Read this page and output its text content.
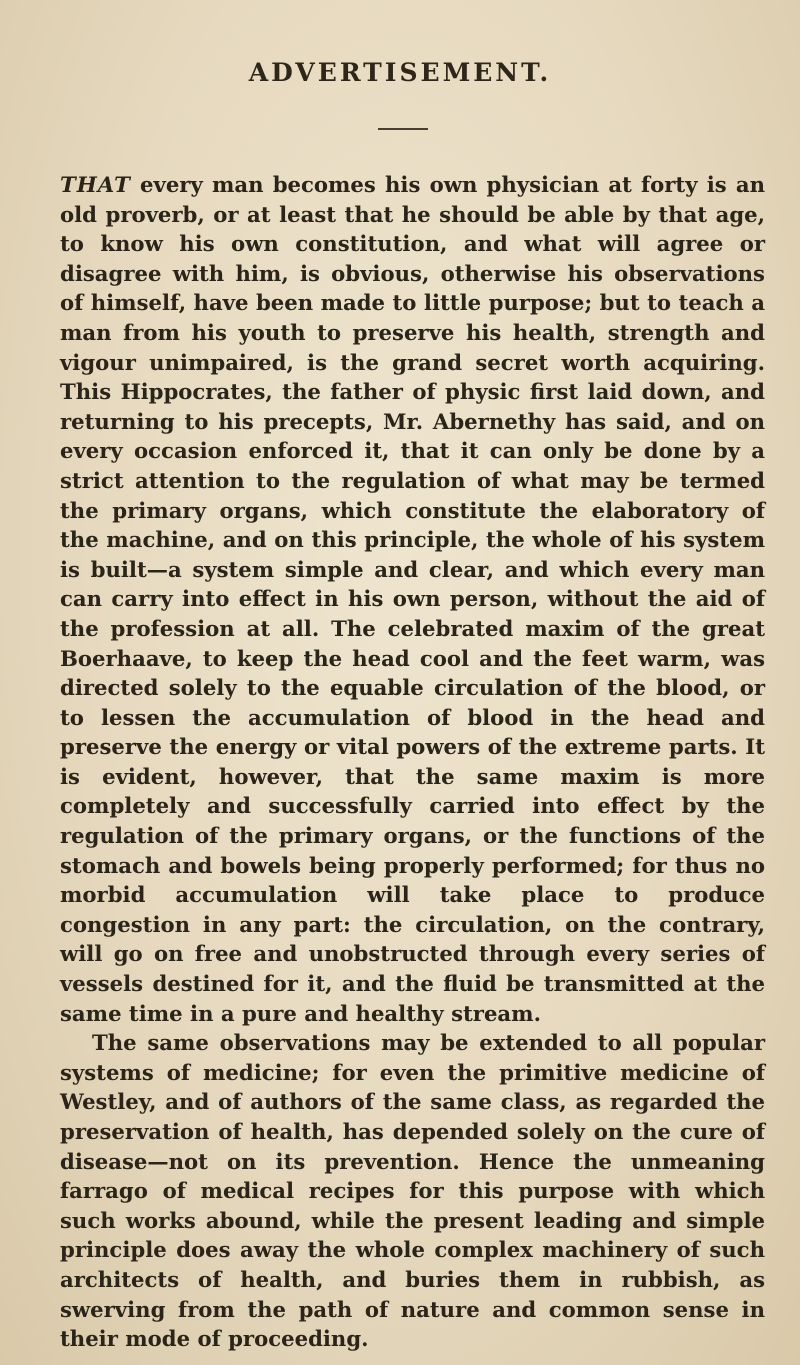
ADVERTISEMENT.

THAT every man becomes his own physician at forty is an old proverb, or at least that he should be able by that age, to know his own constitution, and what will agree or disagree with him, is obvious, otherwise his observations of himself, have been made to little purpose; but to teach a man from his youth to preserve his health, strength and vigour unimpaired, is the grand secret worth acquiring. This Hippocrates, the father of physic first laid down, and returning to his precepts, Mr. Abernethy has said, and on every occasion enforced it, that it can only be done by a strict attention to the regulation of what may be termed the primary organs, which constitute the elaboratory of the machine, and on this principle, the whole of his system is built—a system simple and clear, and which every man can carry into effect in his own person, without the aid of the profession at all. The celebrated maxim of the great Boerhaave, to keep the head cool and the feet warm, was directed solely to the equable circulation of the blood, or to lessen the accumulation of blood in the head and preserve the energy or vital powers of the extreme parts. It is evident, however, that the same maxim is more completely and successfully carried into effect by the regulation of the primary organs, or the functions of the stomach and bowels being properly performed; for thus no morbid accumulation will take place to produce congestion in any part: the circulation, on the contrary, will go on free and unobstructed through every series of vessels destined for it, and the fluid be transmitted at the same time in a pure and healthy stream.

The same observations may be extended to all popular systems of medicine; for even the primitive medicine of Westley, and of authors of the same class, as regarded the preservation of health, has depended solely on the cure of disease—not on its prevention. Hence the unmeaning farrago of medical recipes for this purpose with which such works abound, while the present leading and simple principle does away the whole complex machinery of such architects of health, and buries them in rubbish, as swerving from the path of nature and common sense in their mode of proceeding.
